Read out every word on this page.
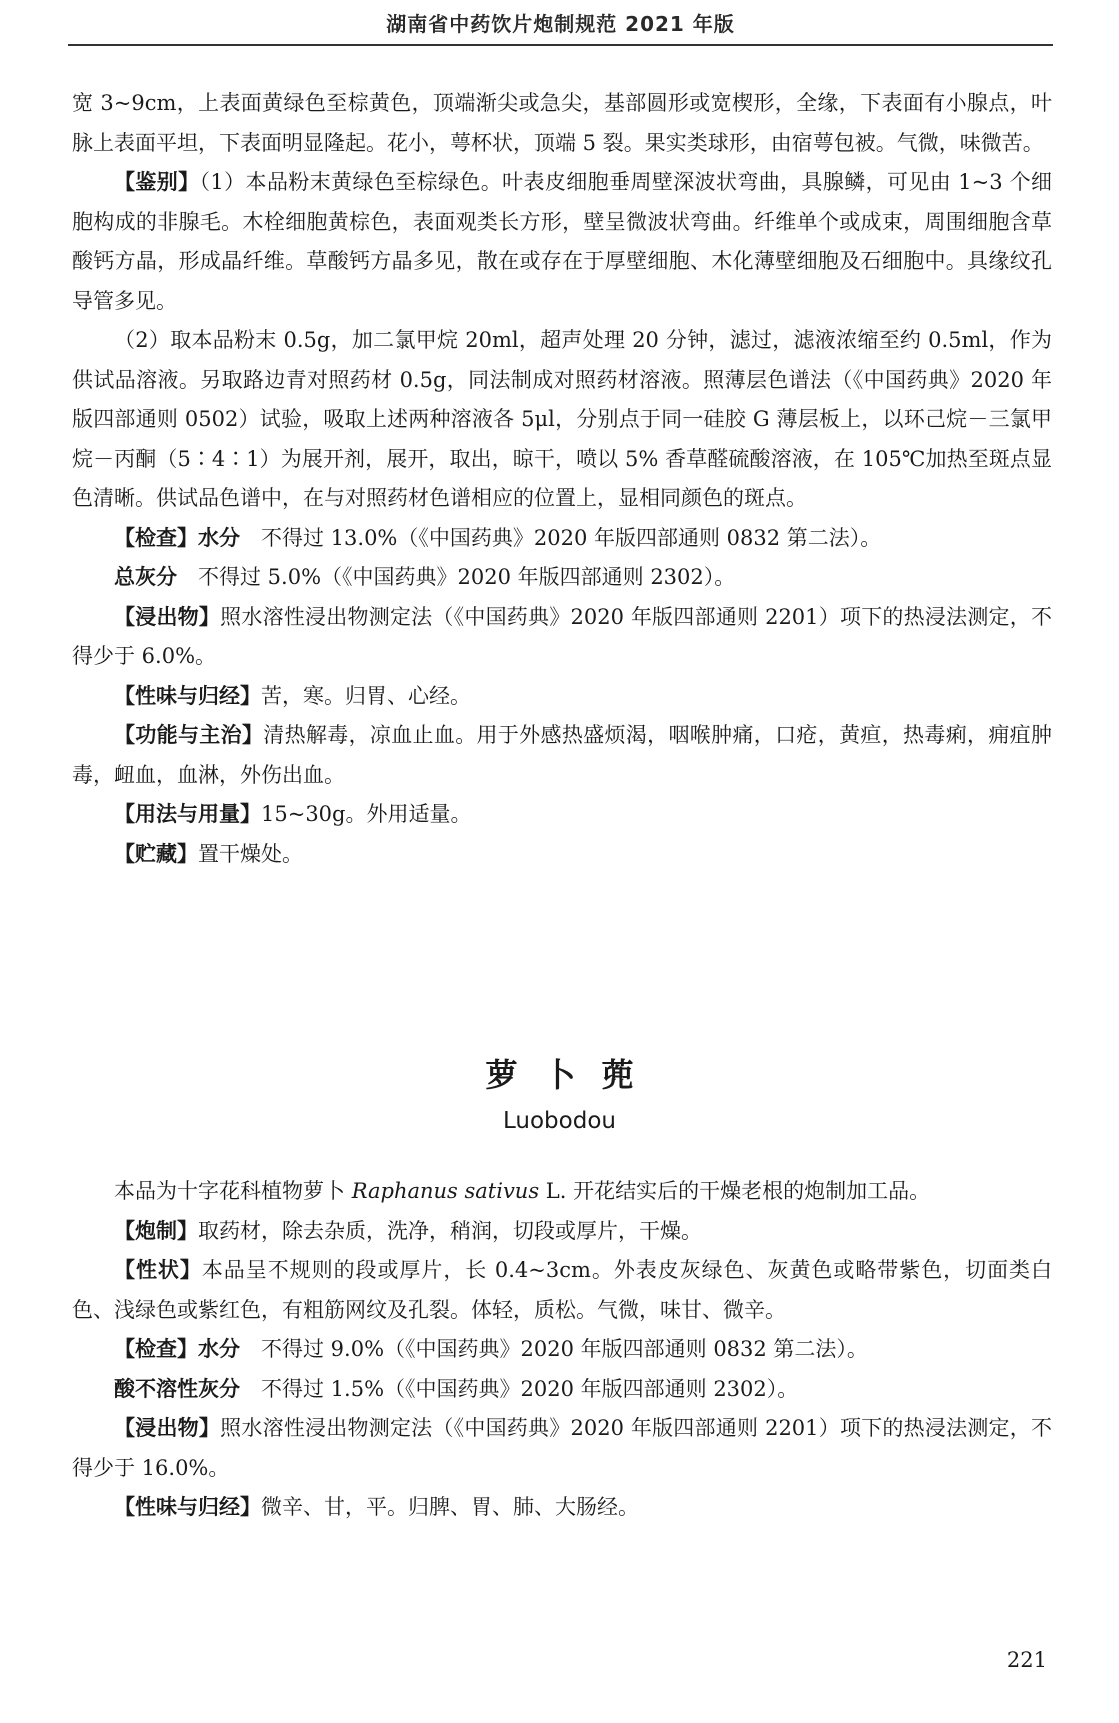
湖南省中药饮片炮制规范 2021 年版

宽 3~9cm，上表面黄绿色至棕黄色，顶端渐尖或急尖，基部圆形或宽楔形，全缘，下表面有小腺点，叶脉上表面平坦，下表面明显隆起。花小，萼杯状，顶端 5 裂。果实类球形，由宿萼包被。气微，味微苦。

【鉴别】（1）本品粉末黄绿色至棕绿色。叶表皮细胞垂周壁深波状弯曲，具腺鳞，可见由 1~3 个细胞构成的非腺毛。木栓细胞黄棕色，表面观类长方形，壁呈微波状弯曲。纤维单个或成束，周围细胞含草酸钙方晶，形成晶纤维。草酸钙方晶多见，散在或存在于厚壁细胞、木化薄壁细胞及石细胞中。具缘纹孔导管多见。

（2）取本品粉末 0.5g，加二氯甲烷 20ml，超声处理 20 分钟，滤过，滤液浓缩至约 0.5ml，作为供试品溶液。另取路边青对照药材 0.5g，同法制成对照药材溶液。照薄层色谱法（《中国药典》2020 年版四部通则 0502）试验，吸取上述两种溶液各 5μl，分别点于同一硅胶 G 薄层板上，以环己烷－三氯甲烷－丙酮（5∶4∶1）为展开剂，展开，取出，晾干，喷以 5% 香草醛硫酸溶液，在 105℃加热至斑点显色清晰。供试品色谱中，在与对照药材色谱相应的位置上，显相同颜色的斑点。

【检查】水分　不得过 13.0%（《中国药典》2020 年版四部通则 0832 第二法）。

总灰分　不得过 5.0%（《中国药典》2020 年版四部通则 2302）。

【浸出物】照水溶性浸出物测定法（《中国药典》2020 年版四部通则 2201）项下的热浸法测定，不得少于 6.0%。

【性味与归经】苦，寒。归胃、心经。

【功能与主治】清热解毒，凉血止血。用于外感热盛烦渴，咽喉肿痛，口疮，黄疸，热毒痢，痈疽肿毒，衄血，血淋，外伤出血。

【用法与用量】15~30g。外用适量。

【贮藏】置干燥处。

萝卜蔸
Luobodou

本品为十字花科植物萝卜 Raphanus sativus L. 开花结实后的干燥老根的炮制加工品。

【炮制】取药材，除去杂质，洗净，稍润，切段或厚片，干燥。

【性状】本品呈不规则的段或厚片，长 0.4~3cm。外表皮灰绿色、灰黄色或略带紫色，切面类白色、浅绿色或紫红色，有粗筋网纹及孔裂。体轻，质松。气微，味甘、微辛。

【检查】水分　不得过 9.0%（《中国药典》2020 年版四部通则 0832 第二法）。

酸不溶性灰分　不得过 1.5%（《中国药典》2020 年版四部通则 2302）。

【浸出物】照水溶性浸出物测定法（《中国药典》2020 年版四部通则 2201）项下的热浸法测定，不得少于 16.0%。

【性味与归经】微辛、甘，平。归脾、胃、肺、大肠经。

221
